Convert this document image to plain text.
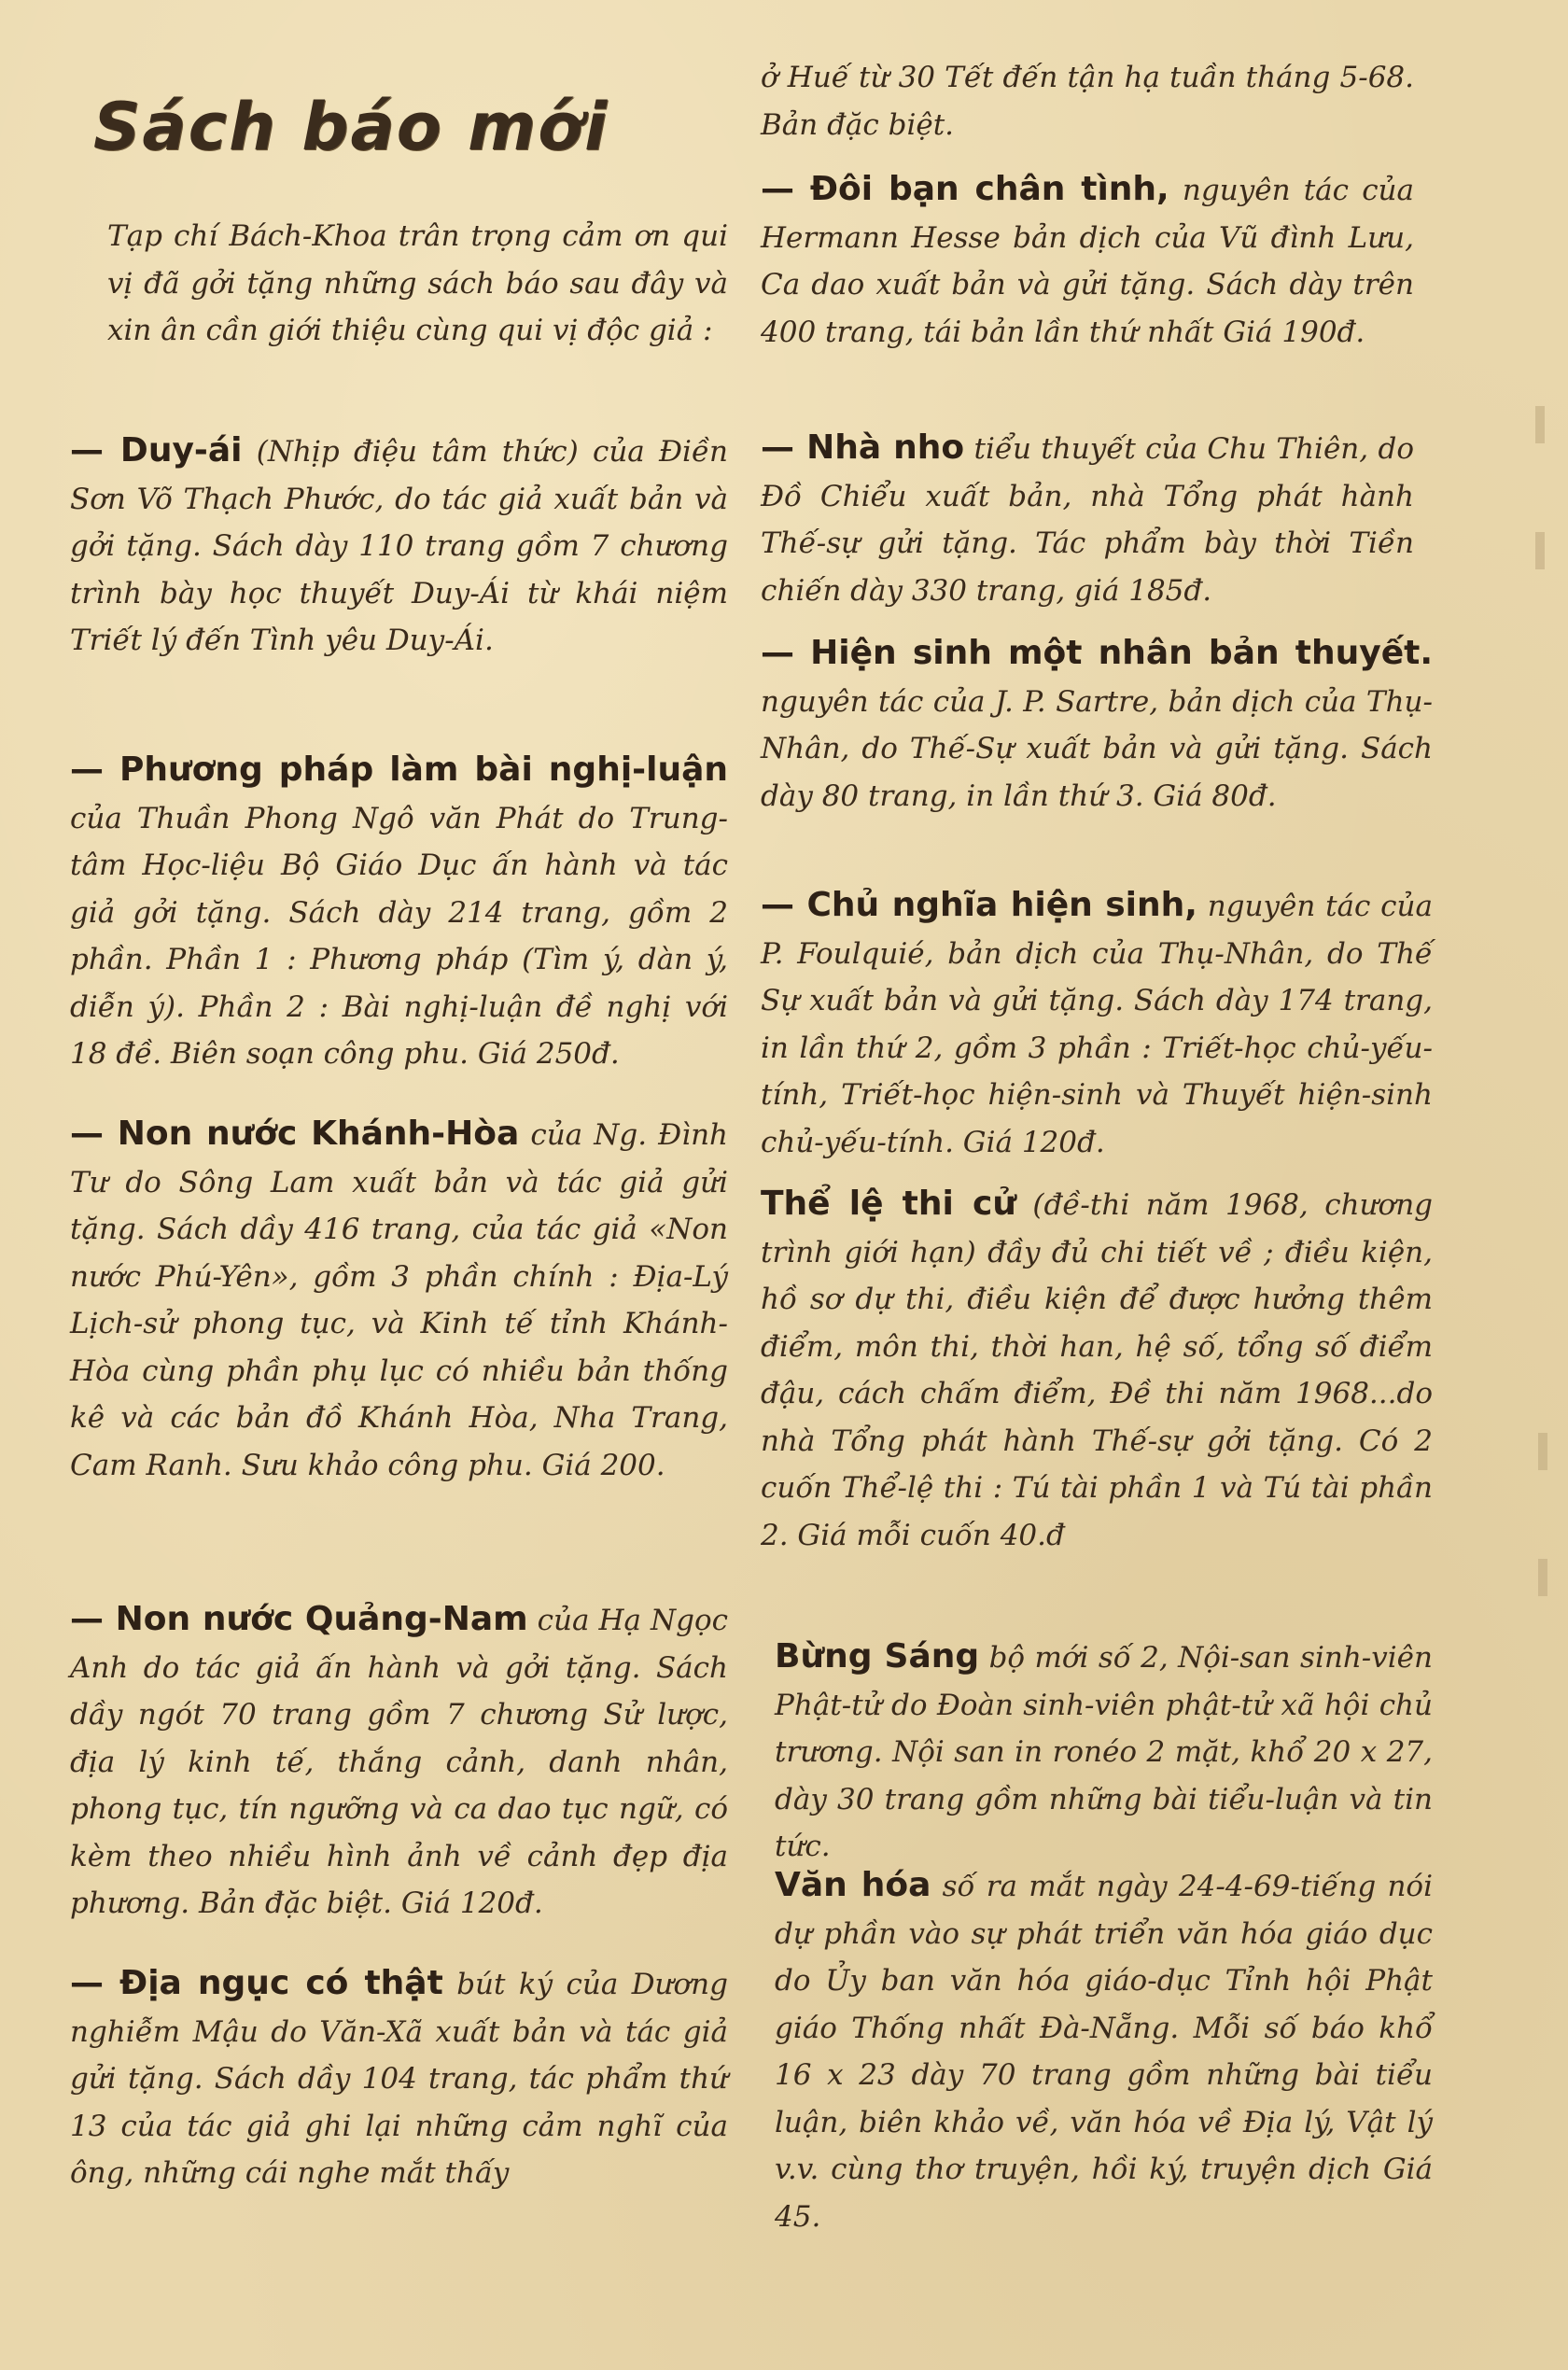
Sách báo mới

Tạp chí Bách-Khoa trân trọng cảm ơn qui vị đã gởi tặng những sách báo sau đây và xin ân cần giới thiệu cùng qui vị độc giả :

— Duy-ái (Nhịp điệu tâm thức) của Điền Sơn Võ Thạch Phước, do tác giả xuất bản và gởi tặng. Sách dày 110 trang gồm 7 chương trình bày học thuyết Duy-Ái từ khái niệm Triết lý đến Tình yêu Duy-Ái.

— Phương pháp làm bài nghị-luận của Thuần Phong Ngô văn Phát do Trung-tâm Học-liệu Bộ Giáo Dục ấn hành và tác giả gởi tặng. Sách dày 214 trang, gồm 2 phần. Phần 1 : Phương pháp (Tìm ý, dàn ý, diễn ý). Phần 2 : Bài nghị-luận đề nghị với 18 đề. Biên soạn công phu. Giá 250đ.

— Non nước Khánh-Hòa của Ng. Đình Tư do Sông Lam xuất bản và tác giả gửi tặng. Sách dầy 416 trang, của tác giả «Non nước Phú-Yên», gồm 3 phần chính : Địa-Lý Lịch-sử phong tục, và Kinh tế tỉnh Khánh-Hòa cùng phần phụ lục có nhiều bản thống kê và các bản đồ Khánh Hòa, Nha Trang, Cam Ranh. Sưu khảo công phu. Giá 200.

— Non nước Quảng-Nam của Hạ Ngọc Anh do tác giả ấn hành và gởi tặng. Sách dầy ngót 70 trang gồm 7 chương Sử lược, địa lý kinh tế, thắng cảnh, danh nhân, phong tục, tín ngưỡng và ca dao tục ngữ, có kèm theo nhiều hình ảnh về cảnh đẹp địa phương. Bản đặc biệt. Giá 120đ.

— Địa ngục có thật bút ký của Dương nghiễm Mậu do Văn-Xã xuất bản và tác giả gửi tặng. Sách dầy 104 trang, tác phẩm thứ 13 của tác giả ghi lại những cảm nghĩ của ông, những cái nghe mắt thấy

ở Huế từ 30 Tết đến tận hạ tuần tháng 5-68. Bản đặc biệt.

— Đôi bạn chân tình, nguyên tác của Hermann Hesse bản dịch của Vũ đình Lưu, Ca dao xuất bản và gửi tặng. Sách dày trên 400 trang, tái bản lần thứ nhất Giá 190đ.

— Nhà nho tiểu thuyết của Chu Thiên, do Đồ Chiểu xuất bản, nhà Tổng phát hành Thế-sự gửi tặng. Tác phẩm bày thời Tiền chiến dày 330 trang, giá 185đ.

— Hiện sinh một nhân bản thuyết. nguyên tác của J. P. Sartre, bản dịch của Thụ-Nhân, do Thế-Sự xuất bản và gửi tặng. Sách dày 80 trang, in lần thứ 3. Giá 80đ.

— Chủ nghĩa hiện sinh, nguyên tác của P. Foulquié, bản dịch của Thụ-Nhân, do Thế Sự xuất bản và gửi tặng. Sách dày 174 trang, in lần thứ 2, gồm 3 phần : Triết-học chủ-yếu-tính, Triết-học hiện-sinh và Thuyết hiện-sinh chủ-yếu-tính. Giá 120đ.

Thể lệ thi cử (đề-thi năm 1968, chương trình giới hạn) đầy đủ chi tiết về ; điều kiện, hồ sơ dự thi, điều kiện để được hưởng thêm điểm, môn thi, thời han, hệ số, tổng số điểm đậu, cách chấm điểm, Đề thi năm 1968...do nhà Tổng phát hành Thế-sự gởi tặng. Có 2 cuốn Thể-lệ thi : Tú tài phần 1 và Tú tài phần 2. Giá mỗi cuốn 40.đ

Bừng Sáng bộ mới số 2, Nội-san sinh-viên Phật-tử do Đoàn sinh-viên phật-tử xã hội chủ trương. Nội san in ronéo 2 mặt, khổ 20 x 27, dày 30 trang gồm những bài tiểu-luận và tin tức.

Văn hóa số ra mắt ngày 24-4-69-tiếng nói dự phần vào sự phát triển văn hóa giáo dục do Ủy ban văn hóa giáo-dục Tỉnh hội Phật giáo Thống nhất Đà-Nẵng. Mỗi số báo khổ 16 x 23 dày 70 trang gồm những bài tiểu luận, biên khảo về, văn hóa về Địa lý, Vật lý v.v. cùng thơ truyện, hồi ký, truyện dịch Giá 45.
